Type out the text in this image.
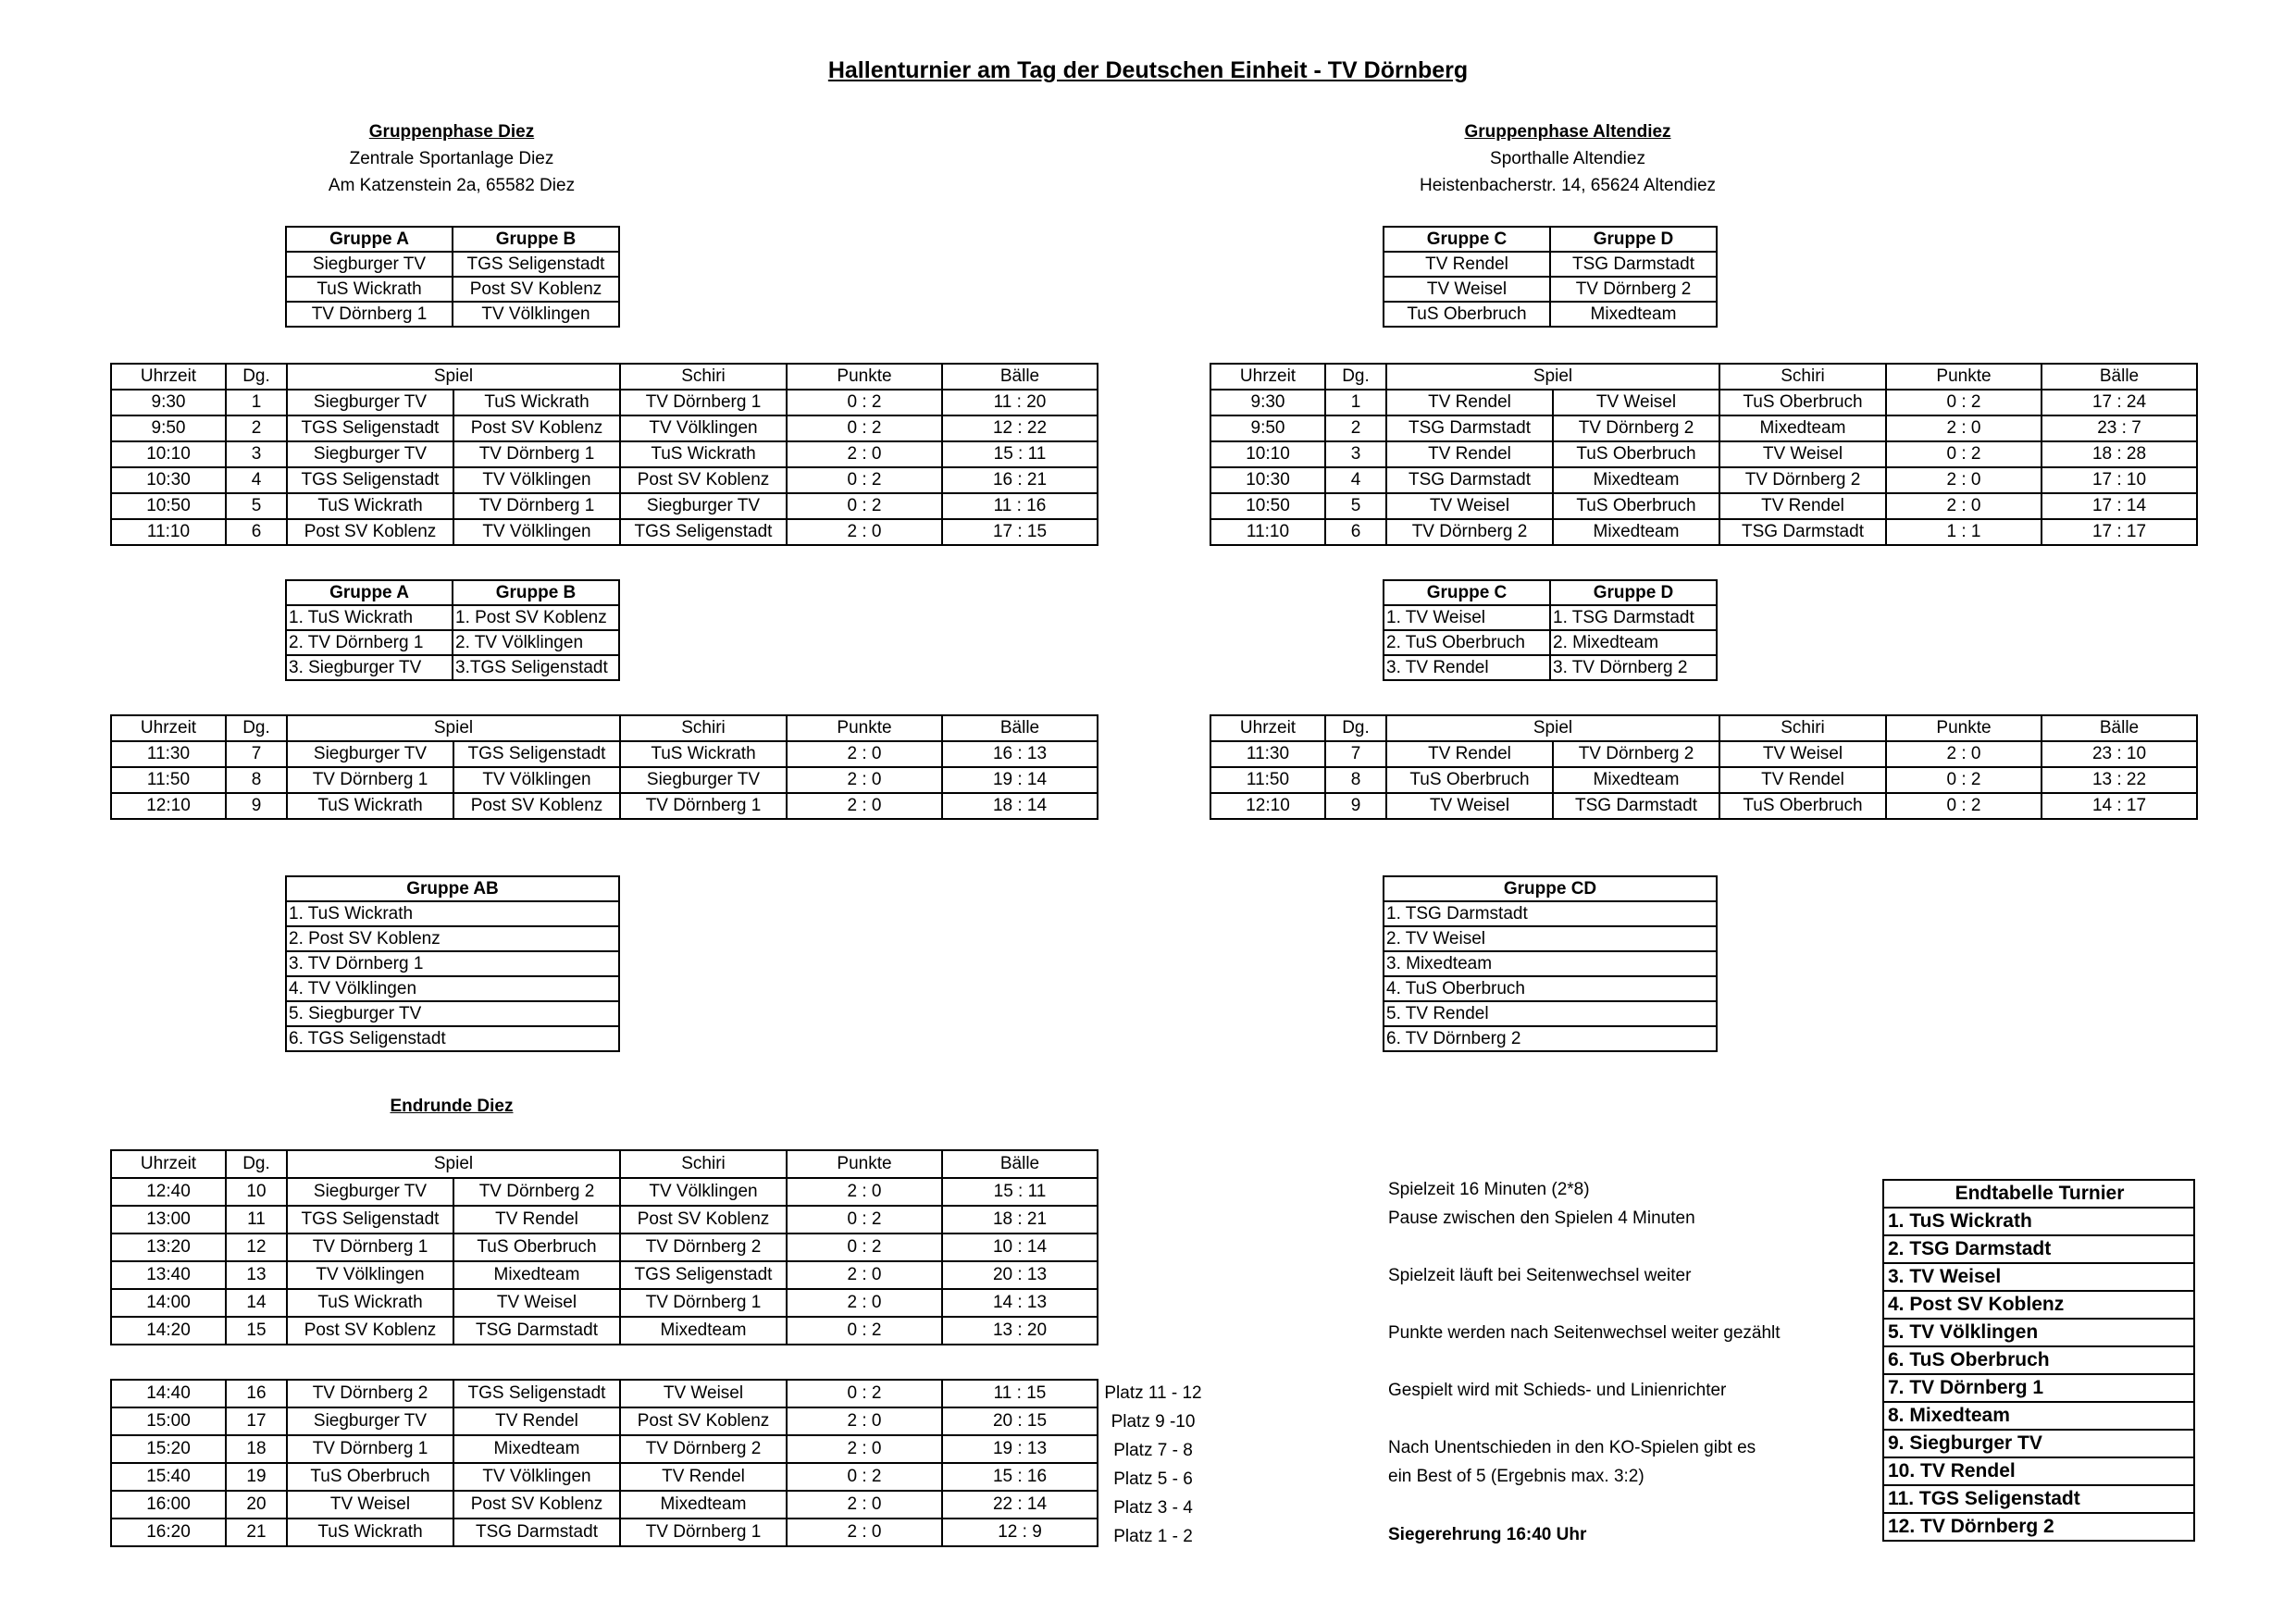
Hallenturnier am Tag der Deutschen Einheit - TV Dörnberg
Gruppenphase Diez
Zentrale Sportanlage Diez
Am Katzenstein 2a, 65582 Diez
Gruppenphase Altendiez
Sporthalle Altendiez
Heistenbacherstr. 14, 65624 Altendiez
Gruppe A	Gruppe B
Siegburger TV	TGS Seligenstadt
TuS Wickrath	Post SV Koblenz
TV Dörnberg 1	TV Völklingen
Gruppe C	Gruppe D
TV Rendel	TSG Darmstadt
TV Weisel	TV Dörnberg 2
TuS Oberbruch	Mixedteam
Uhrzeit	Dg.	Spiel		Schiri	Punkte	Bälle
9:30	1	Siegburger TV	TuS Wickrath	TV Dörnberg 1	0 : 2	11 : 20
9:50	2	TGS Seligenstadt	Post SV Koblenz	TV Völklingen	0 : 2	12 : 22
10:10	3	Siegburger TV	TV Dörnberg 1	TuS Wickrath	2 : 0	15 : 11
10:30	4	TGS Seligenstadt	TV Völklingen	Post SV Koblenz	0 : 2	16 : 21
10:50	5	TuS Wickrath	TV Dörnberg 1	Siegburger TV	0 : 2	11 : 16
11:10	6	Post SV Koblenz	TV Völklingen	TGS Seligenstadt	2 : 0	17 : 15
Uhrzeit	Dg.	Spiel		Schiri	Punkte	Bälle
9:30	1	TV Rendel	TV Weisel	TuS Oberbruch	0 : 2	17 : 24
9:50	2	TSG Darmstadt	TV Dörnberg 2	Mixedteam	2 : 0	23 : 7
10:10	3	TV Rendel	TuS Oberbruch	TV Weisel	0 : 2	18 : 28
10:30	4	TSG Darmstadt	Mixedteam	TV Dörnberg 2	2 : 0	17 : 10
10:50	5	TV Weisel	TuS Oberbruch	TV Rendel	2 : 0	17 : 14
11:10	6	TV Dörnberg 2	Mixedteam	TSG Darmstadt	1 : 1	17 : 17
Gruppe A	Gruppe B
1. TuS Wickrath	1. Post SV Koblenz
2. TV Dörnberg 1	2. TV Völklingen
3. Siegburger TV	3.TGS Seligenstadt
Gruppe C	Gruppe D
1. TV Weisel	1. TSG Darmstadt
2. TuS Oberbruch	2. Mixedteam
3. TV Rendel	3. TV Dörnberg 2
Uhrzeit	Dg.	Spiel		Schiri	Punkte	Bälle
11:30	7	Siegburger TV	TGS Seligenstadt	TuS Wickrath	2 : 0	16 : 13
11:50	8	TV Dörnberg 1	TV Völklingen	Siegburger TV	2 : 0	19 : 14
12:10	9	TuS Wickrath	Post SV Koblenz	TV Dörnberg 1	2 : 0	18 : 14
Uhrzeit	Dg.	Spiel		Schiri	Punkte	Bälle
11:30	7	TV Rendel	TV Dörnberg 2	TV Weisel	2 : 0	23 : 10
11:50	8	TuS Oberbruch	Mixedteam	TV Rendel	0 : 2	13 : 22
12:10	9	TV Weisel	TSG Darmstadt	TuS Oberbruch	0 : 2	14 : 17
Gruppe AB
1. TuS Wickrath
2. Post SV Koblenz
3. TV Dörnberg 1
4. TV Völklingen
5. Siegburger TV
6. TGS Seligenstadt
Gruppe CD
1. TSG Darmstadt
2. TV Weisel
3. Mixedteam
4. TuS Oberbruch
5. TV Rendel
6. TV Dörnberg 2
Endrunde Diez
Uhrzeit	Dg.	Spiel		Schiri	Punkte	Bälle
12:40	10	Siegburger TV	TV Dörnberg 2	TV Völklingen	2 : 0	15 : 11
13:00	11	TGS Seligenstadt	TV Rendel	Post SV Koblenz	0 : 2	18 : 21
13:20	12	TV Dörnberg 1	TuS Oberbruch	TV Dörnberg 2	0 : 2	10 : 14
13:40	13	TV Völklingen	Mixedteam	TGS Seligenstadt	2 : 0	20 : 13
14:00	14	TuS Wickrath	TV Weisel	TV Dörnberg 1	2 : 0	14 : 13
14:20	15	Post SV Koblenz	TSG Darmstadt	Mixedteam	0 : 2	13 : 20
14:40	16	TV Dörnberg 2	TGS Seligenstadt	TV Weisel	0 : 2	11 : 15
15:00	17	Siegburger TV	TV Rendel	Post SV Koblenz	2 : 0	20 : 15
15:20	18	TV Dörnberg 1	Mixedteam	TV Dörnberg 2	2 : 0	19 : 13
15:40	19	TuS Oberbruch	TV Völklingen	TV Rendel	0 : 2	15 : 16
16:00	20	TV Weisel	Post SV Koblenz	Mixedteam	2 : 0	22 : 14
16:20	21	TuS Wickrath	TSG Darmstadt	TV Dörnberg 1	2 : 0	12 : 9
Platz 11 - 12
Platz 9 -10
Platz 7 - 8
Platz 5 - 6
Platz 3 - 4
Platz 1 - 2
Spielzeit 16 Minuten (2*8)
Pause zwischen den Spielen 4 Minuten
Spielzeit läuft bei Seitenwechsel weiter
Punkte werden nach Seitenwechsel weiter gezählt
Gespielt wird mit Schieds- und Linienrichter
Nach Unentschieden in den KO-Spielen gibt es
ein Best of 5 (Ergebnis max. 3:2)
Siegerehrung 16:40 Uhr
Endtabelle Turnier
1. TuS Wickrath
2. TSG Darmstadt
3. TV Weisel
4. Post SV Koblenz
5. TV Völklingen
6. TuS Oberbruch
7. TV Dörnberg 1
8. Mixedteam
9. Siegburger TV
10. TV Rendel
11. TGS Seligenstadt
12. TV Dörnberg 2
